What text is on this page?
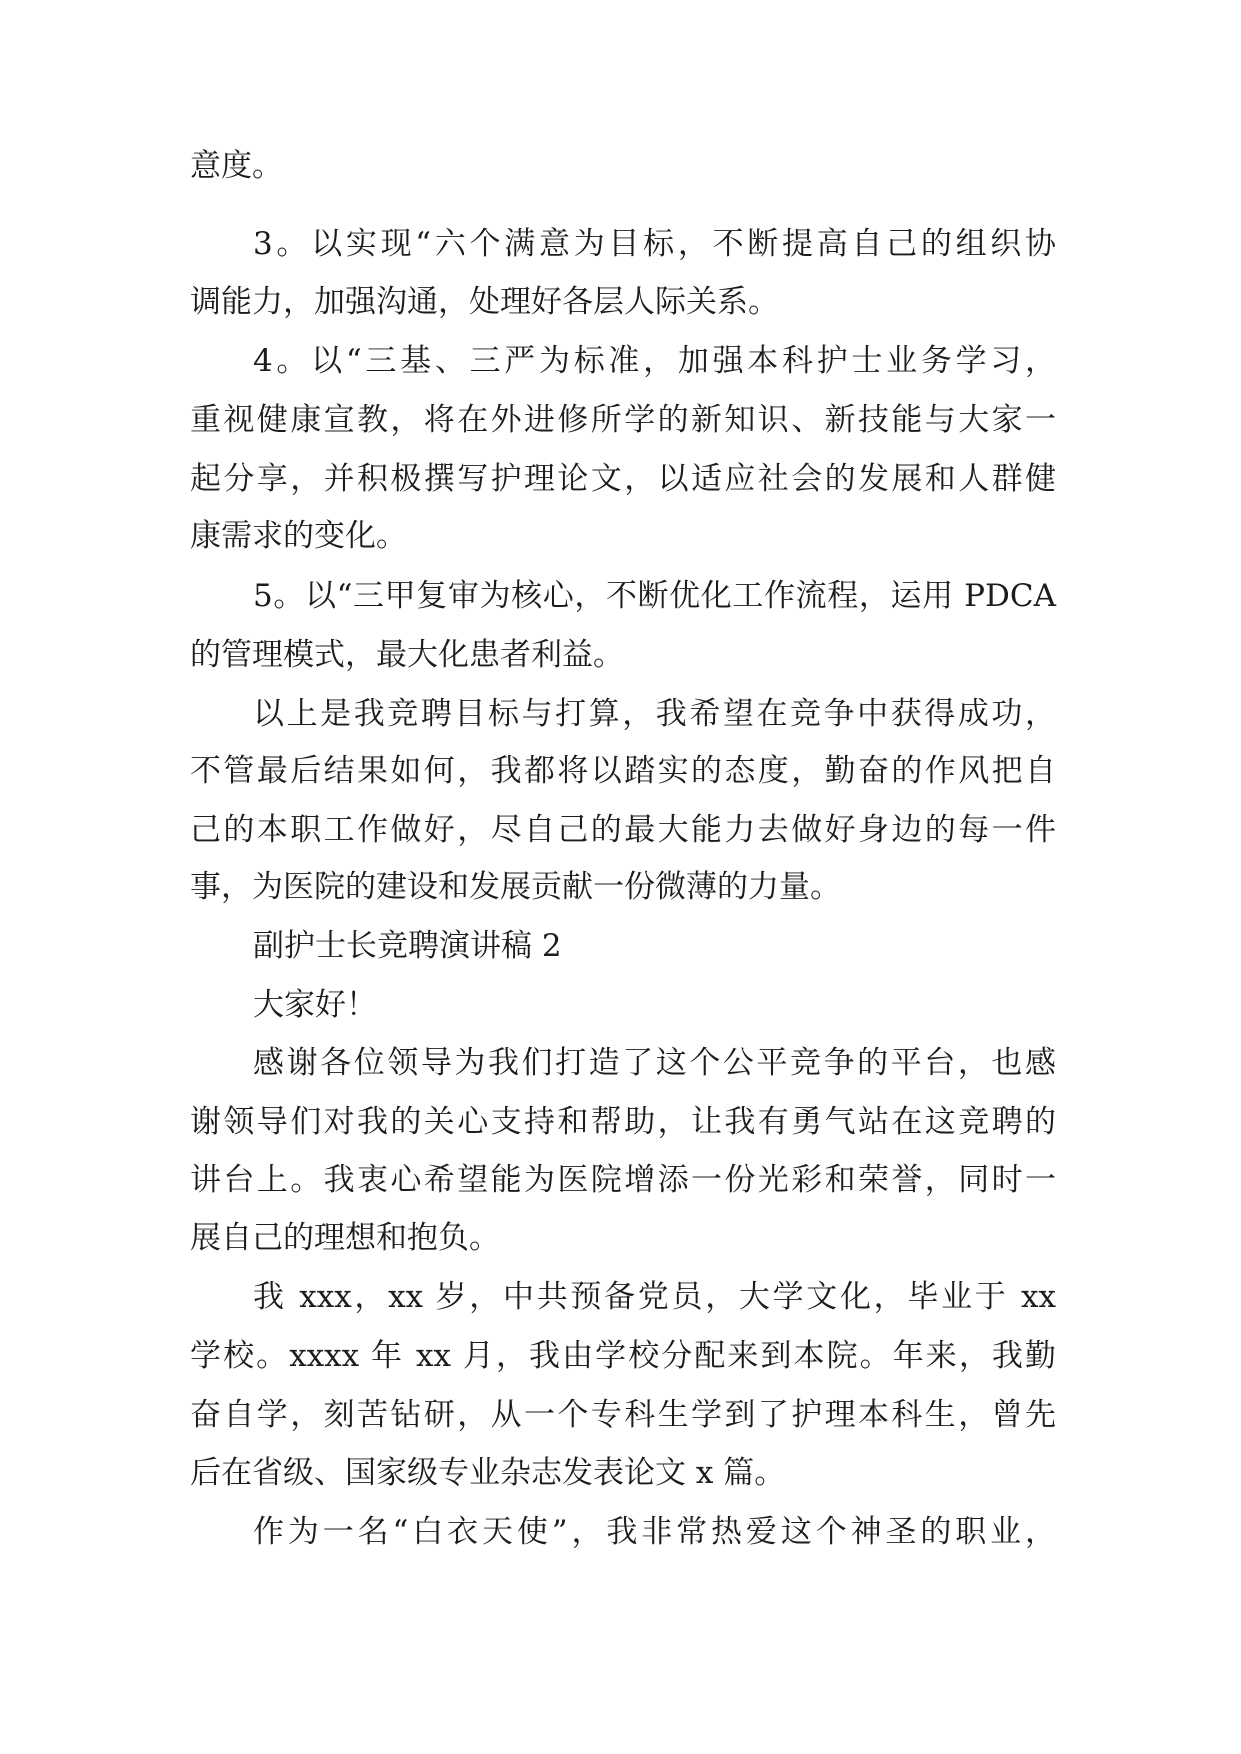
意度。

3。以实现“六个满意为目标，不断提高自己的组织协

调能力，加强沟通，处理好各层人际关系。

4。以“三基、三严为标准，加强本科护士业务学习，

重视健康宣教，将在外进修所学的新知识、新技能与大家一

起分享，并积极撰写护理论文，以适应社会的发展和人群健

康需求的变化。

5。以“三甲复审为核心，不断优化工作流程，运用 PDCA

的管理模式，最大化患者利益。

以上是我竞聘目标与打算，我希望在竞争中获得成功，

不管最后结果如何，我都将以踏实的态度，勤奋的作风把自

己的本职工作做好，尽自己的最大能力去做好身边的每一件

事，为医院的建设和发展贡献一份微薄的力量。

副护士长竞聘演讲稿 2

大家好！

感谢各位领导为我们打造了这个公平竞争的平台，也感

谢领导们对我的关心支持和帮助，让我有勇气站在这竞聘的

讲台上。我衷心希望能为医院增添一份光彩和荣誉，同时一

展自己的理想和抱负。

我 xxx，xx 岁，中共预备党员，大学文化，毕业于 xx

学校。xxxx 年 xx 月，我由学校分配来到本院。年来，我勤

奋自学，刻苦钻研，从一个专科生学到了护理本科生，曾先

后在省级、国家级专业杂志发表论文 x 篇。

作为一名“白衣天使”，我非常热爱这个神圣的职业，
